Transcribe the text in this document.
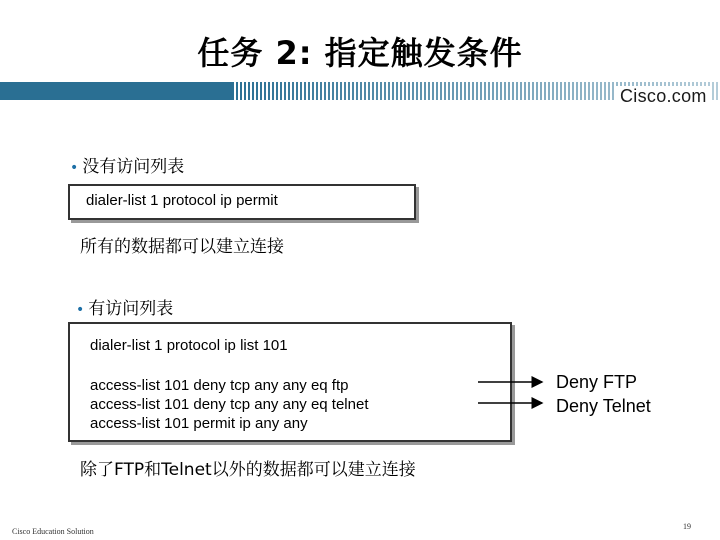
任务 2: 指定触发条件
Cisco.com
• 没有访问列表
dialer-list 1 protocol ip permit
所有的数据都可以建立连接
• 有访问列表
dialer-list 1 protocol ip list 101
access-list 101 deny tcp any any eq ftp
access-list 101 deny tcp any any eq telnet
access-list 101 permit ip any any
Deny FTP
Deny Telnet
除了FTP和Telnet以外的数据都可以建立连接
Cisco Education Solution
19
